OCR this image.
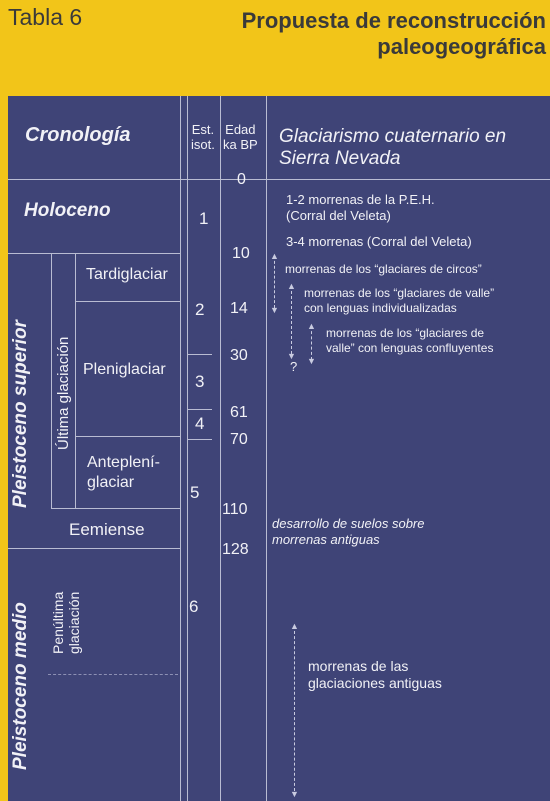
Tabla 6	Propuesta de reconstrucción
paleogeográfica
Cronología	Est.
isot.
Edad
ka BP Glaciarismo cuaternario en
Sierra Nevada
Holoceno
Pleistoceno superior Última glaciación
Tardiglaciar
Pleniglaciar
Anteplení-
glaciar
Eemiense
Pleistoceno medio Penúltima glaciación
1
2
3
4
5
6
0
10
14
30
61
70
110
128
1-2 morrenas de la P.E.H.
(Corral del Veleta)
3-4 morrenas (Corral del Veleta)
morrenas de los “glaciares de circos”
morrenas de los “glaciares de valle”
con lenguas individualizadas
morrenas de los “glaciares de
valle” con lenguas confluyentes
?
desarrollo de suelos sobre
morrenas antiguas
morrenas de las
glaciaciones antiguas
▲
▼
▲
▼
▲
▼
▲
▼
